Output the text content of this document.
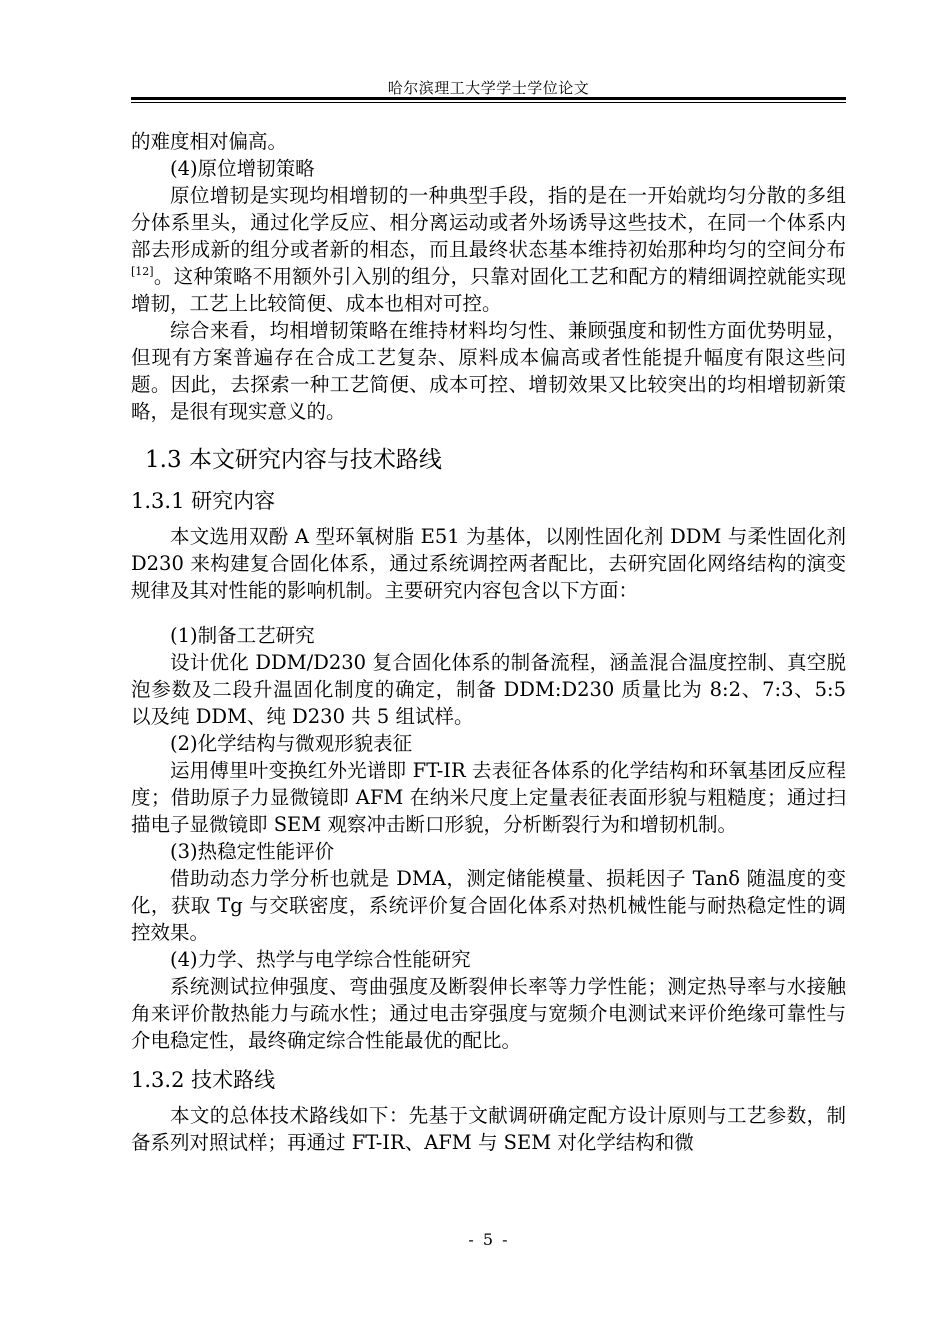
哈尔滨理工大学学士学位论文

的难度相对偏高。

(4)原位增韧策略

原位增韧是实现均相增韧的一种典型手段，指的是在一开始就均匀分散的多组分体系里头，通过化学反应、相分离运动或者外场诱导这些技术，在同一个体系内部去形成新的组分或者新的相态，而且最终状态基本维持初始那种均匀的空间分布[12]。这种策略不用额外引入别的组分，只靠对固化工艺和配方的精细调控就能实现增韧，工艺上比较简便、成本也相对可控。

综合来看，均相增韧策略在维持材料均匀性、兼顾强度和韧性方面优势明显，但现有方案普遍存在合成工艺复杂、原料成本偏高或者性能提升幅度有限这些问题。因此，去探索一种工艺简便、成本可控、增韧效果又比较突出的均相增韧新策略，是很有现实意义的。

1.3 本文研究内容与技术路线
1.3.1 研究内容

本文选用双酚 A 型环氧树脂 E51 为基体，以刚性固化剂 DDM 与柔性固化剂 D230 来构建复合固化体系，通过系统调控两者配比，去研究固化网络结构的演变规律及其对性能的影响机制。主要研究内容包含以下方面：

(1)制备工艺研究

设计优化 DDM/D230 复合固化体系的制备流程，涵盖混合温度控制、真空脱泡参数及二段升温固化制度的确定，制备 DDM:D230 质量比为 8:2、7:3、5:5 以及纯 DDM、纯 D230 共 5 组试样。

(2)化学结构与微观形貌表征

运用傅里叶变换红外光谱即 FT-IR 去表征各体系的化学结构和环氧基团反应程度；借助原子力显微镜即 AFM 在纳米尺度上定量表征表面形貌与粗糙度；通过扫描电子显微镜即 SEM 观察冲击断口形貌，分析断裂行为和增韧机制。

(3)热稳定性能评价

借助动态力学分析也就是 DMA，测定储能模量、损耗因子 Tanδ 随温度的变化，获取 Tg 与交联密度，系统评价复合固化体系对热机械性能与耐热稳定性的调控效果。

(4)力学、热学与电学综合性能研究

系统测试拉伸强度、弯曲强度及断裂伸长率等力学性能；测定热导率与水接触角来评价散热能力与疏水性；通过电击穿强度与宽频介电测试来评价绝缘可靠性与介电稳定性，最终确定综合性能最优的配比。

1.3.2 技术路线

本文的总体技术路线如下：先基于文献调研确定配方设计原则与工艺参数，制备系列对照试样；再通过 FT-IR、AFM 与 SEM 对化学结构和微

- 5 -
